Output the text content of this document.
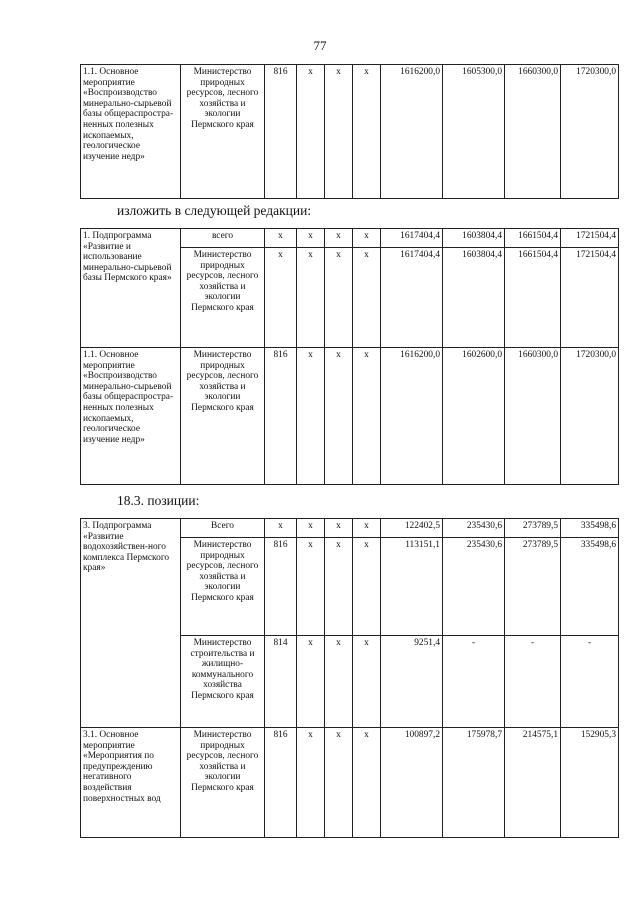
77
1.1. Основное мероприятие «Воспроизводство минерально-сырьевой базы общераспростра-ненных полезных ископаемых, геологическое изучение недр»	Министерство природных ресурсов, лесного хозяйства и экологии Пермского края	816	x	x	x	1616200,0	1605300,0	1660300,0	1720300,0
изложить в следующей редакции:
1. Подпрограмма «Развитие и использование минерально-сырьевой базы Пермского края»	всего	x	x	x	x	1617404,4	1603804,4	1661504,4	1721504,4
	Министерство природных ресурсов, лесного хозяйства и экологии Пермского края	x	x	x	x	1617404,4	1603804,4	1661504,4	1721504,4
1.1. Основное мероприятие «Воспроизводство минерально-сырьевой базы общераспростра-ненных полезных ископаемых, геологическое изучение недр»	Министерство природных ресурсов, лесного хозяйства и экологии Пермского края	816	x	x	x	1616200,0	1602600,0	1660300,0	1720300,0
18.3. позиции:
3. Подпрограмма «Развитие водохозяйствен-ного комплекса Пермского края»	Всего	x	x	x	x	122402,5	235430,6	273789,5	335498,6
	Министерство природных ресурсов, лесного хозяйства и экологии Пермского края	816	x	x	x	113151,1	235430,6	273789,5	335498,6
	Министерство строительства и жилищно-коммунального хозяйства Пермского края	814	x	x	x	9251,4	-	-	-
3.1. Основное мероприятие «Мероприятия по предупреждению негативного воздействия поверхностных вод	Министерство природных ресурсов, лесного хозяйства и экологии Пермского края	816	x	x	x	100897,2	175978,7	214575,1	152905,3
